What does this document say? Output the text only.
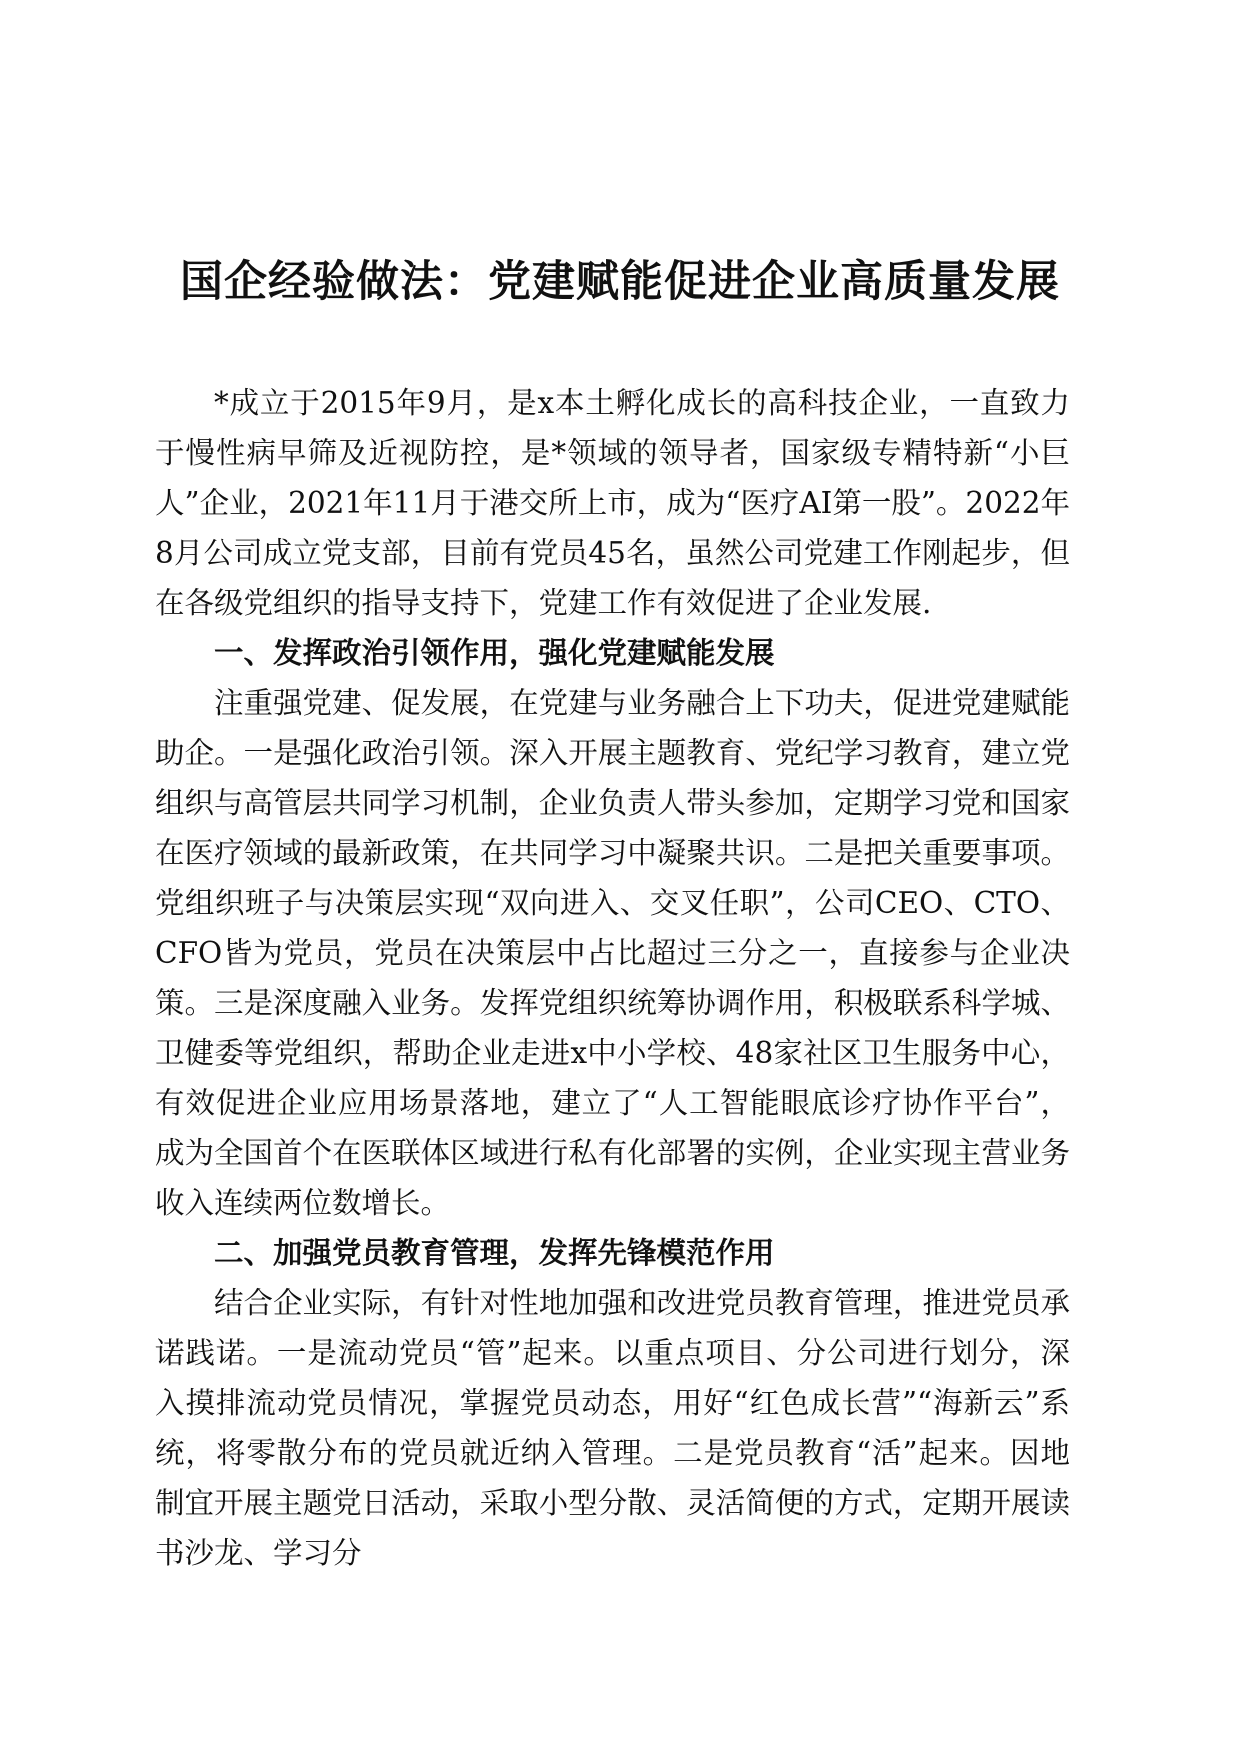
国企经验做法：党建赋能促进企业高质量发展

*成立于2015年9月，是x本土孵化成长的高科技企业，一直致力于慢性病早筛及近视防控，是*领域的领导者，国家级专精特新“小巨人”企业，2021年11月于港交所上市，成为“医疗AI第一股”。2022年8月公司成立党支部，目前有党员45名，虽然公司党建工作刚起步，但在各级党组织的指导支持下，党建工作有效促进了企业发展.

一、发挥政治引领作用，强化党建赋能发展

注重强党建、促发展，在党建与业务融合上下功夫，促进党建赋能助企。一是强化政治引领。深入开展主题教育、党纪学习教育，建立党组织与高管层共同学习机制，企业负责人带头参加，定期学习党和国家在医疗领域的最新政策，在共同学习中凝聚共识。二是把关重要事项。党组织班子与决策层实现“双向进入、交叉任职”，公司CEO、CTO、CFO皆为党员，党员在决策层中占比超过三分之一，直接参与企业决策。三是深度融入业务。发挥党组织统筹协调作用，积极联系科学城、卫健委等党组织，帮助企业走进x中小学校、48家社区卫生服务中心，有效促进企业应用场景落地，建立了“人工智能眼底诊疗协作平台”，成为全国首个在医联体区域进行私有化部署的实例，企业实现主营业务收入连续两位数增长。

二、加强党员教育管理，发挥先锋模范作用

结合企业实际，有针对性地加强和改进党员教育管理，推进党员承诺践诺。一是流动党员“管”起来。以重点项目、分公司进行划分，深入摸排流动党员情况，掌握党员动态，用好“红色成长营”“海新云”系统，将零散分布的党员就近纳入管理。二是党员教育“活”起来。因地制宜开展主题党日活动，采取小型分散、灵活简便的方式，定期开展读书沙龙、学习分
